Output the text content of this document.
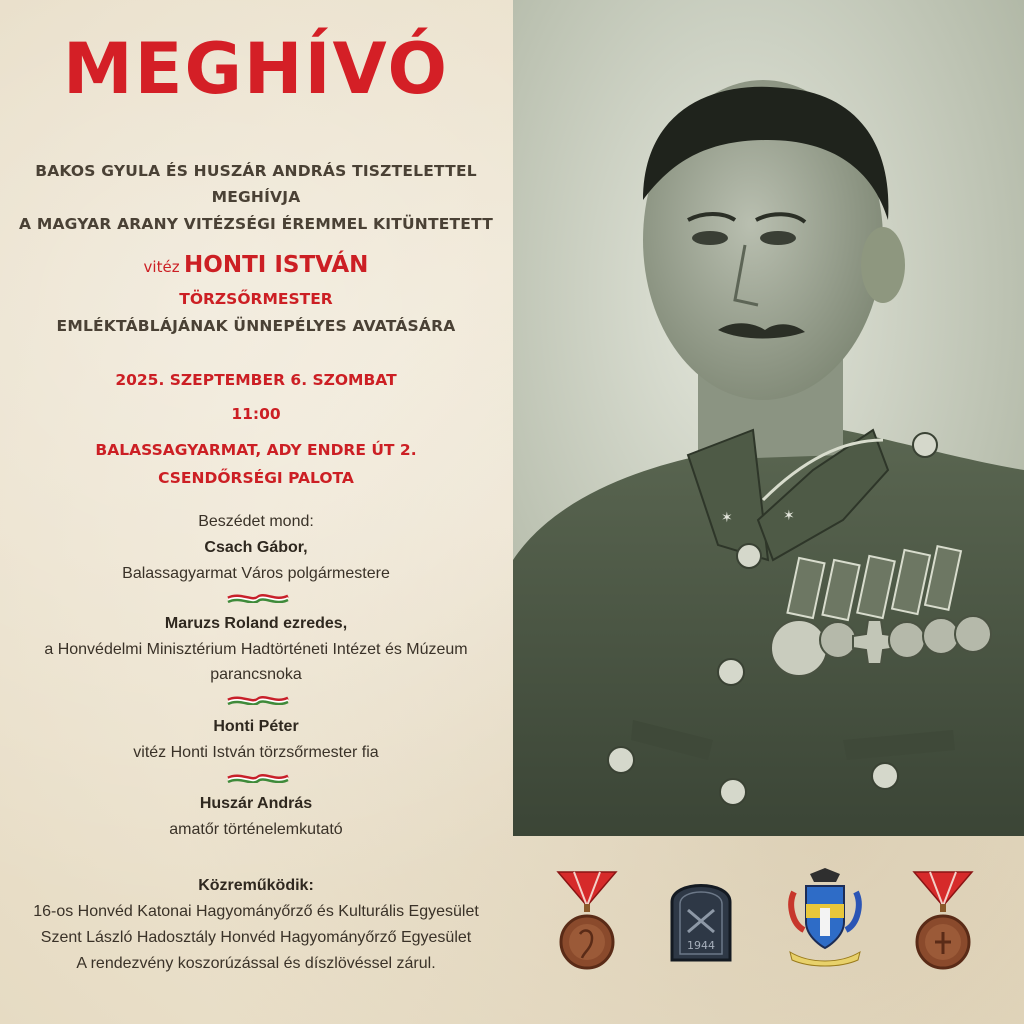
MEGHÍVÓ
BAKOS GYULA ÉS HUSZÁR ANDRÁS TISZTELETTEL
MEGHÍVJA
A MAGYAR ARANY VITÉZSÉGI ÉREMMEL KITÜNTETETT
vitéz HONTI ISTVÁN
TÖRZSŐRMESTER
EMLÉKTÁBLÁJÁNAK ÜNNEPÉLYES AVATÁSÁRA
2025. SZEPTEMBER 6. SZOMBAT
11:00
BALASSAGYARMAT, ADY ENDRE ÚT 2.
CSENDŐRSÉGI PALOTA
Beszédet mond:
Csach Gábor,
Balassagyarmat Város polgármestere
Maruzs Roland ezredes,
a Honvédelmi Minisztérium Hadtörténeti Intézet és Múzeum
parancsnoka
Honti Péter
vitéz Honti István törzsőrmester fia
Huszár András
amatőr történelemkutató
Közreműködik:
16-os Honvéd Katonai Hagyományőrző és Kulturális Egyesület
Szent László Hadosztály Honvéd Hagyományőrző Egyesület
A rendezvény koszorúzással és díszlövéssel zárul.
✶	✶
1944
